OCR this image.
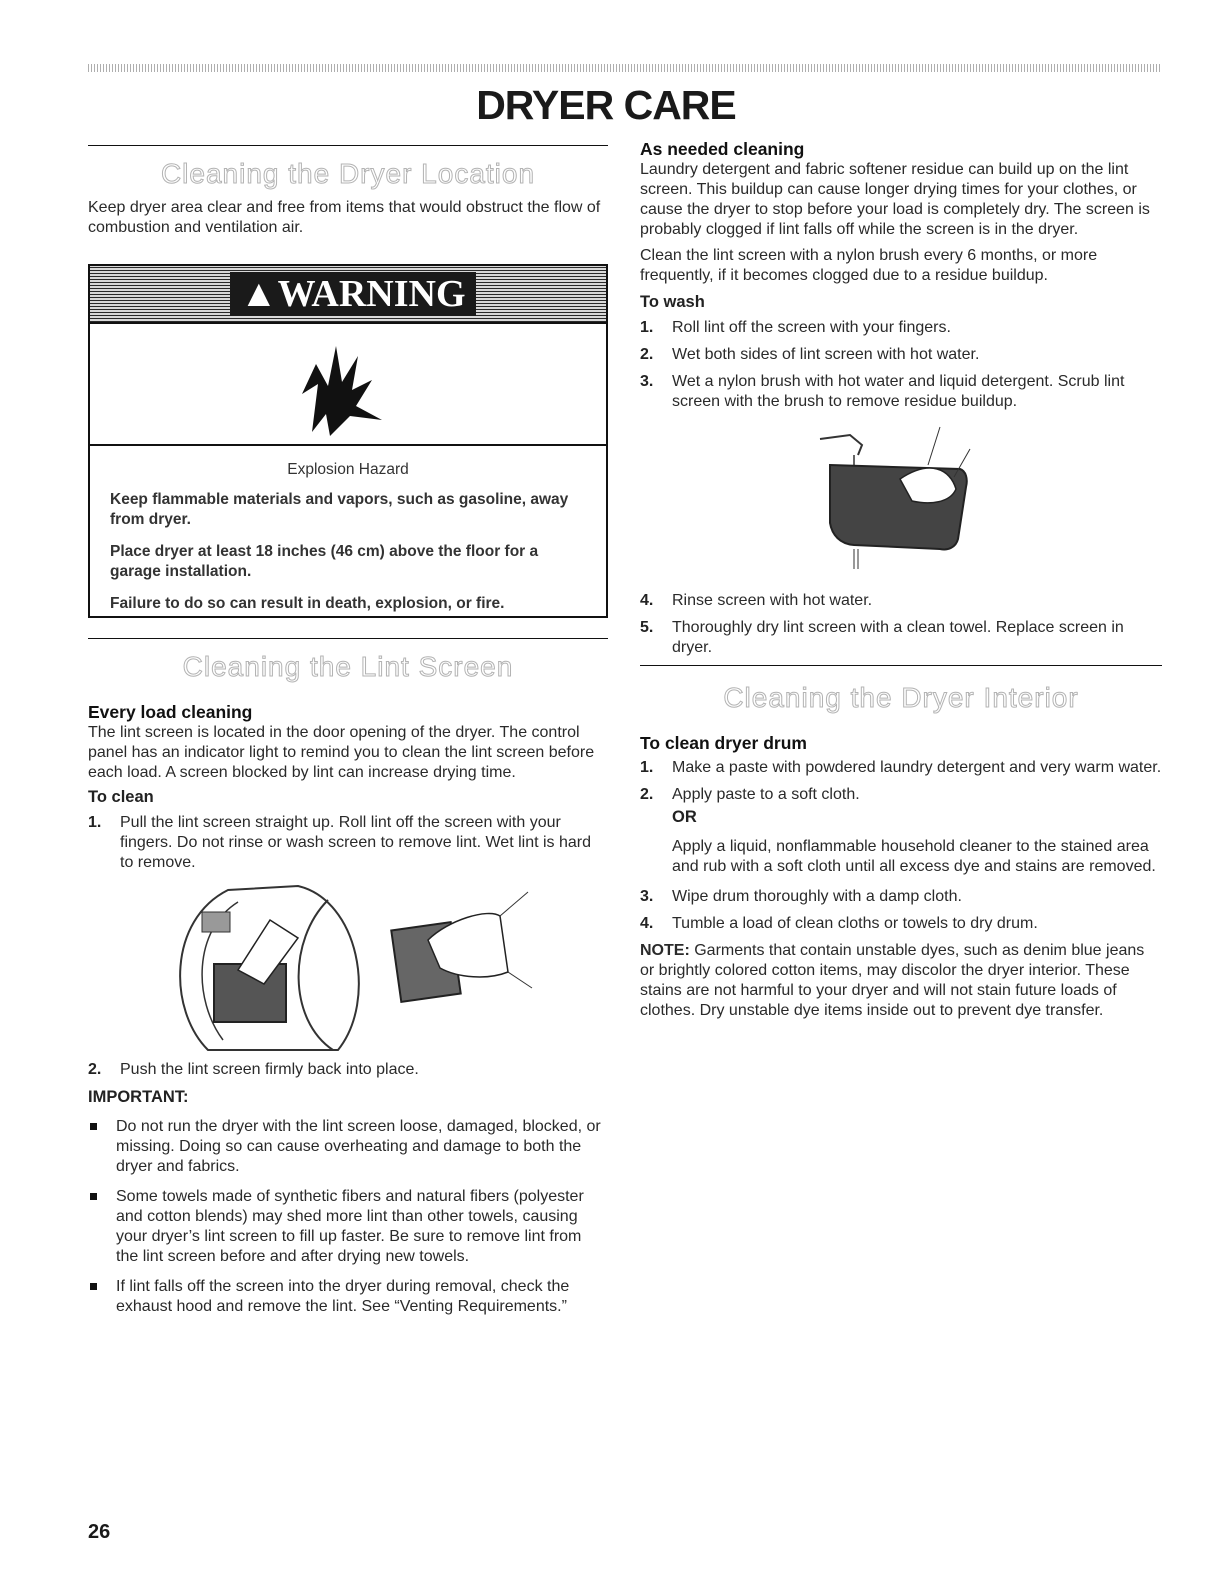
DRYER CARE
Cleaning the Dryer Location

Keep dryer area clear and free from items that would obstruct the flow of combustion and ventilation air.

▲WARNING
Explosion Hazard

Keep flammable materials and vapors, such as gasoline, away from dryer.

Place dryer at least 18 inches (46 cm) above the floor for a garage installation.

Failure to do so can result in death, explosion, or fire.

Cleaning the Lint Screen
Every load cleaning

The lint screen is located in the door opening of the dryer. The control panel has an indicator light to remind you to clean the lint screen before each load. A screen blocked by lint can increase drying time.

To clean
1. Pull the lint screen straight up. Roll lint off the screen with your fingers. Do not rinse or wash screen to remove lint. Wet lint is hard to remove.
2. Push the lint screen firmly back into place.
IMPORTANT:
Do not run the dryer with the lint screen loose, damaged, blocked, or missing. Doing so can cause overheating and damage to both the dryer and fabrics.
Some towels made of synthetic fibers and natural fibers (polyester and cotton blends) may shed more lint than other towels, causing your dryer’s lint screen to fill up faster. Be sure to remove lint from the lint screen before and after drying new towels.
If lint falls off the screen into the dryer during removal, check the exhaust hood and remove the lint. See “Venting Requirements.”
As needed cleaning

Laundry detergent and fabric softener residue can build up on the lint screen. This buildup can cause longer drying times for your clothes, or cause the dryer to stop before your load is completely dry. The screen is probably clogged if lint falls off while the screen is in the dryer.

Clean the lint screen with a nylon brush every 6 months, or more frequently, if it becomes clogged due to a residue buildup.

To wash
1. Roll lint off the screen with your fingers.
2. Wet both sides of lint screen with hot water.
3. Wet a nylon brush with hot water and liquid detergent. Scrub lint screen with the brush to remove residue buildup.
4. Rinse screen with hot water.
5. Thoroughly dry lint screen with a clean towel. Replace screen in dryer.
Cleaning the Dryer Interior
To clean dryer drum
1. Make a paste with powdered laundry detergent and very warm water.
2. Apply paste to a soft cloth.
OR

Apply a liquid, nonflammable household cleaner to the stained area and rub with a soft cloth until all excess dye and stains are removed.

3. Wipe drum thoroughly with a damp cloth.
4. Tumble a load of clean cloths or towels to dry drum.

NOTE: Garments that contain unstable dyes, such as denim blue jeans or brightly colored cotton items, may discolor the dryer interior. These stains are not harmful to your dryer and will not stain future loads of clothes. Dry unstable dye items inside out to prevent dye transfer.

26
